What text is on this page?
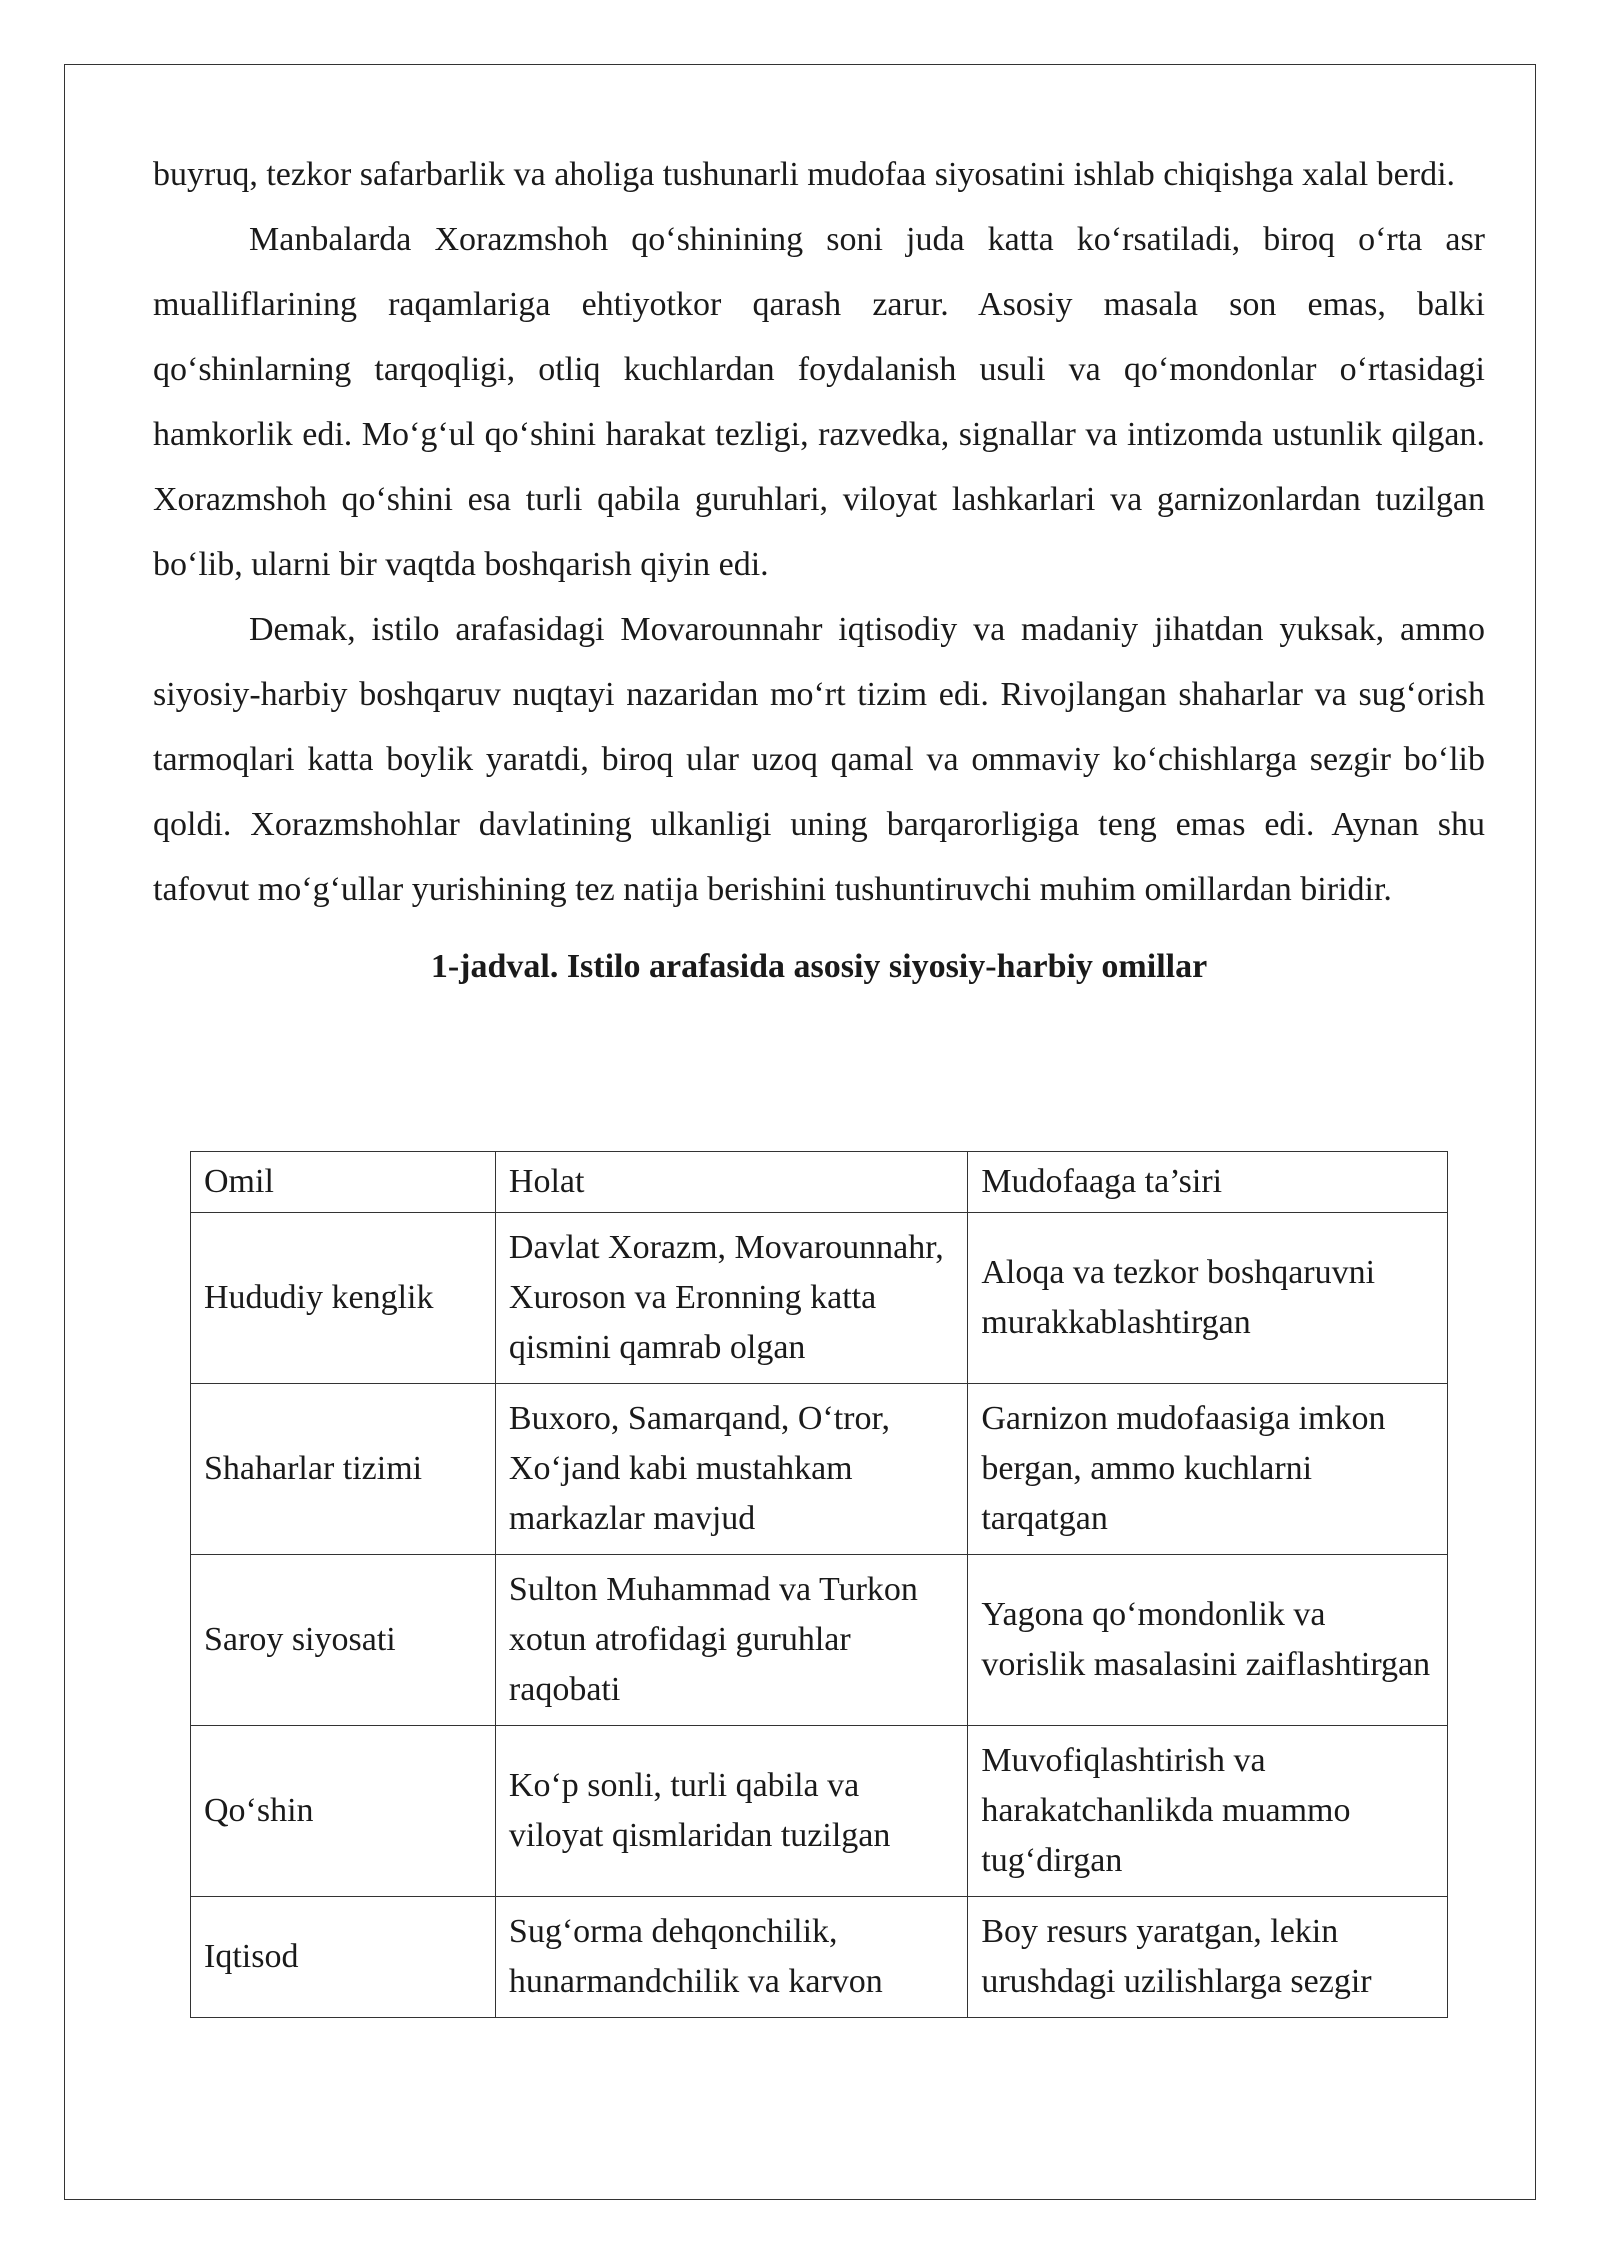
buyruq, tezkor safarbarlik va aholiga tushunarli mudofaa siyosatini ishlab chiqishga xalal berdi.

Manbalarda Xorazmshoh qo‘shinining soni juda katta ko‘rsatiladi, biroq o‘rta asr mualliflarining raqamlariga ehtiyotkor qarash zarur. Asosiy masala son emas, balki qo‘shinlarning tarqoqligi, otliq kuchlardan foydalanish usuli va qo‘mondonlar o‘rtasidagi hamkorlik edi. Mo‘g‘ul qo‘shini harakat tezligi, razvedka, signallar va intizomda ustunlik qilgan. Xorazmshoh qo‘shini esa turli qabila guruhlari, viloyat lashkarlari va garnizonlardan tuzilgan bo‘lib, ularni bir vaqtda boshqarish qiyin edi.

Demak, istilo arafasidagi Movarounnahr iqtisodiy va madaniy jihatdan yuksak, ammo siyosiy-harbiy boshqaruv nuqtayi nazaridan mo‘rt tizim edi. Rivojlangan shaharlar va sug‘orish tarmoqlari katta boylik yaratdi, biroq ular uzoq qamal va ommaviy ko‘chishlarga sezgir bo‘lib qoldi. Xorazmshohlar davlatining ulkanligi uning barqarorligiga teng emas edi. Aynan shu tafovut mo‘g‘ullar yurishining tez natija berishini tushuntiruvchi muhim omillardan biridir.

1-jadval. Istilo arafasida asosiy siyosiy-harbiy omillar

Omil	Holat	Mudofaaga ta’siri
Hududiy kenglik	Davlat Xorazm, Movarounnahr, Xuroson va Eronning katta qismini qamrab olgan	Aloqa va tezkor boshqaruvni murakkablashtirgan
Shaharlar tizimi	Buxoro, Samarqand, O‘tror, Xo‘jand kabi mustahkam markazlar mavjud	Garnizon mudofaasiga imkon bergan, ammo kuchlarni tarqatgan
Saroy siyosati	Sulton Muhammad va Turkon xotun atrofidagi guruhlar raqobati	Yagona qo‘mondonlik va vorislik masalasini zaiflashtirgan
Qo‘shin	Ko‘p sonli, turli qabila va viloyat qismlaridan tuzilgan	Muvofiqlashtirish va harakatchanlikda muammo tug‘dirgan
Iqtisod	Sug‘orma dehqonchilik, hunarmandchilik va karvon	Boy resurs yaratgan, lekin urushdagi uzilishlarga sezgir
